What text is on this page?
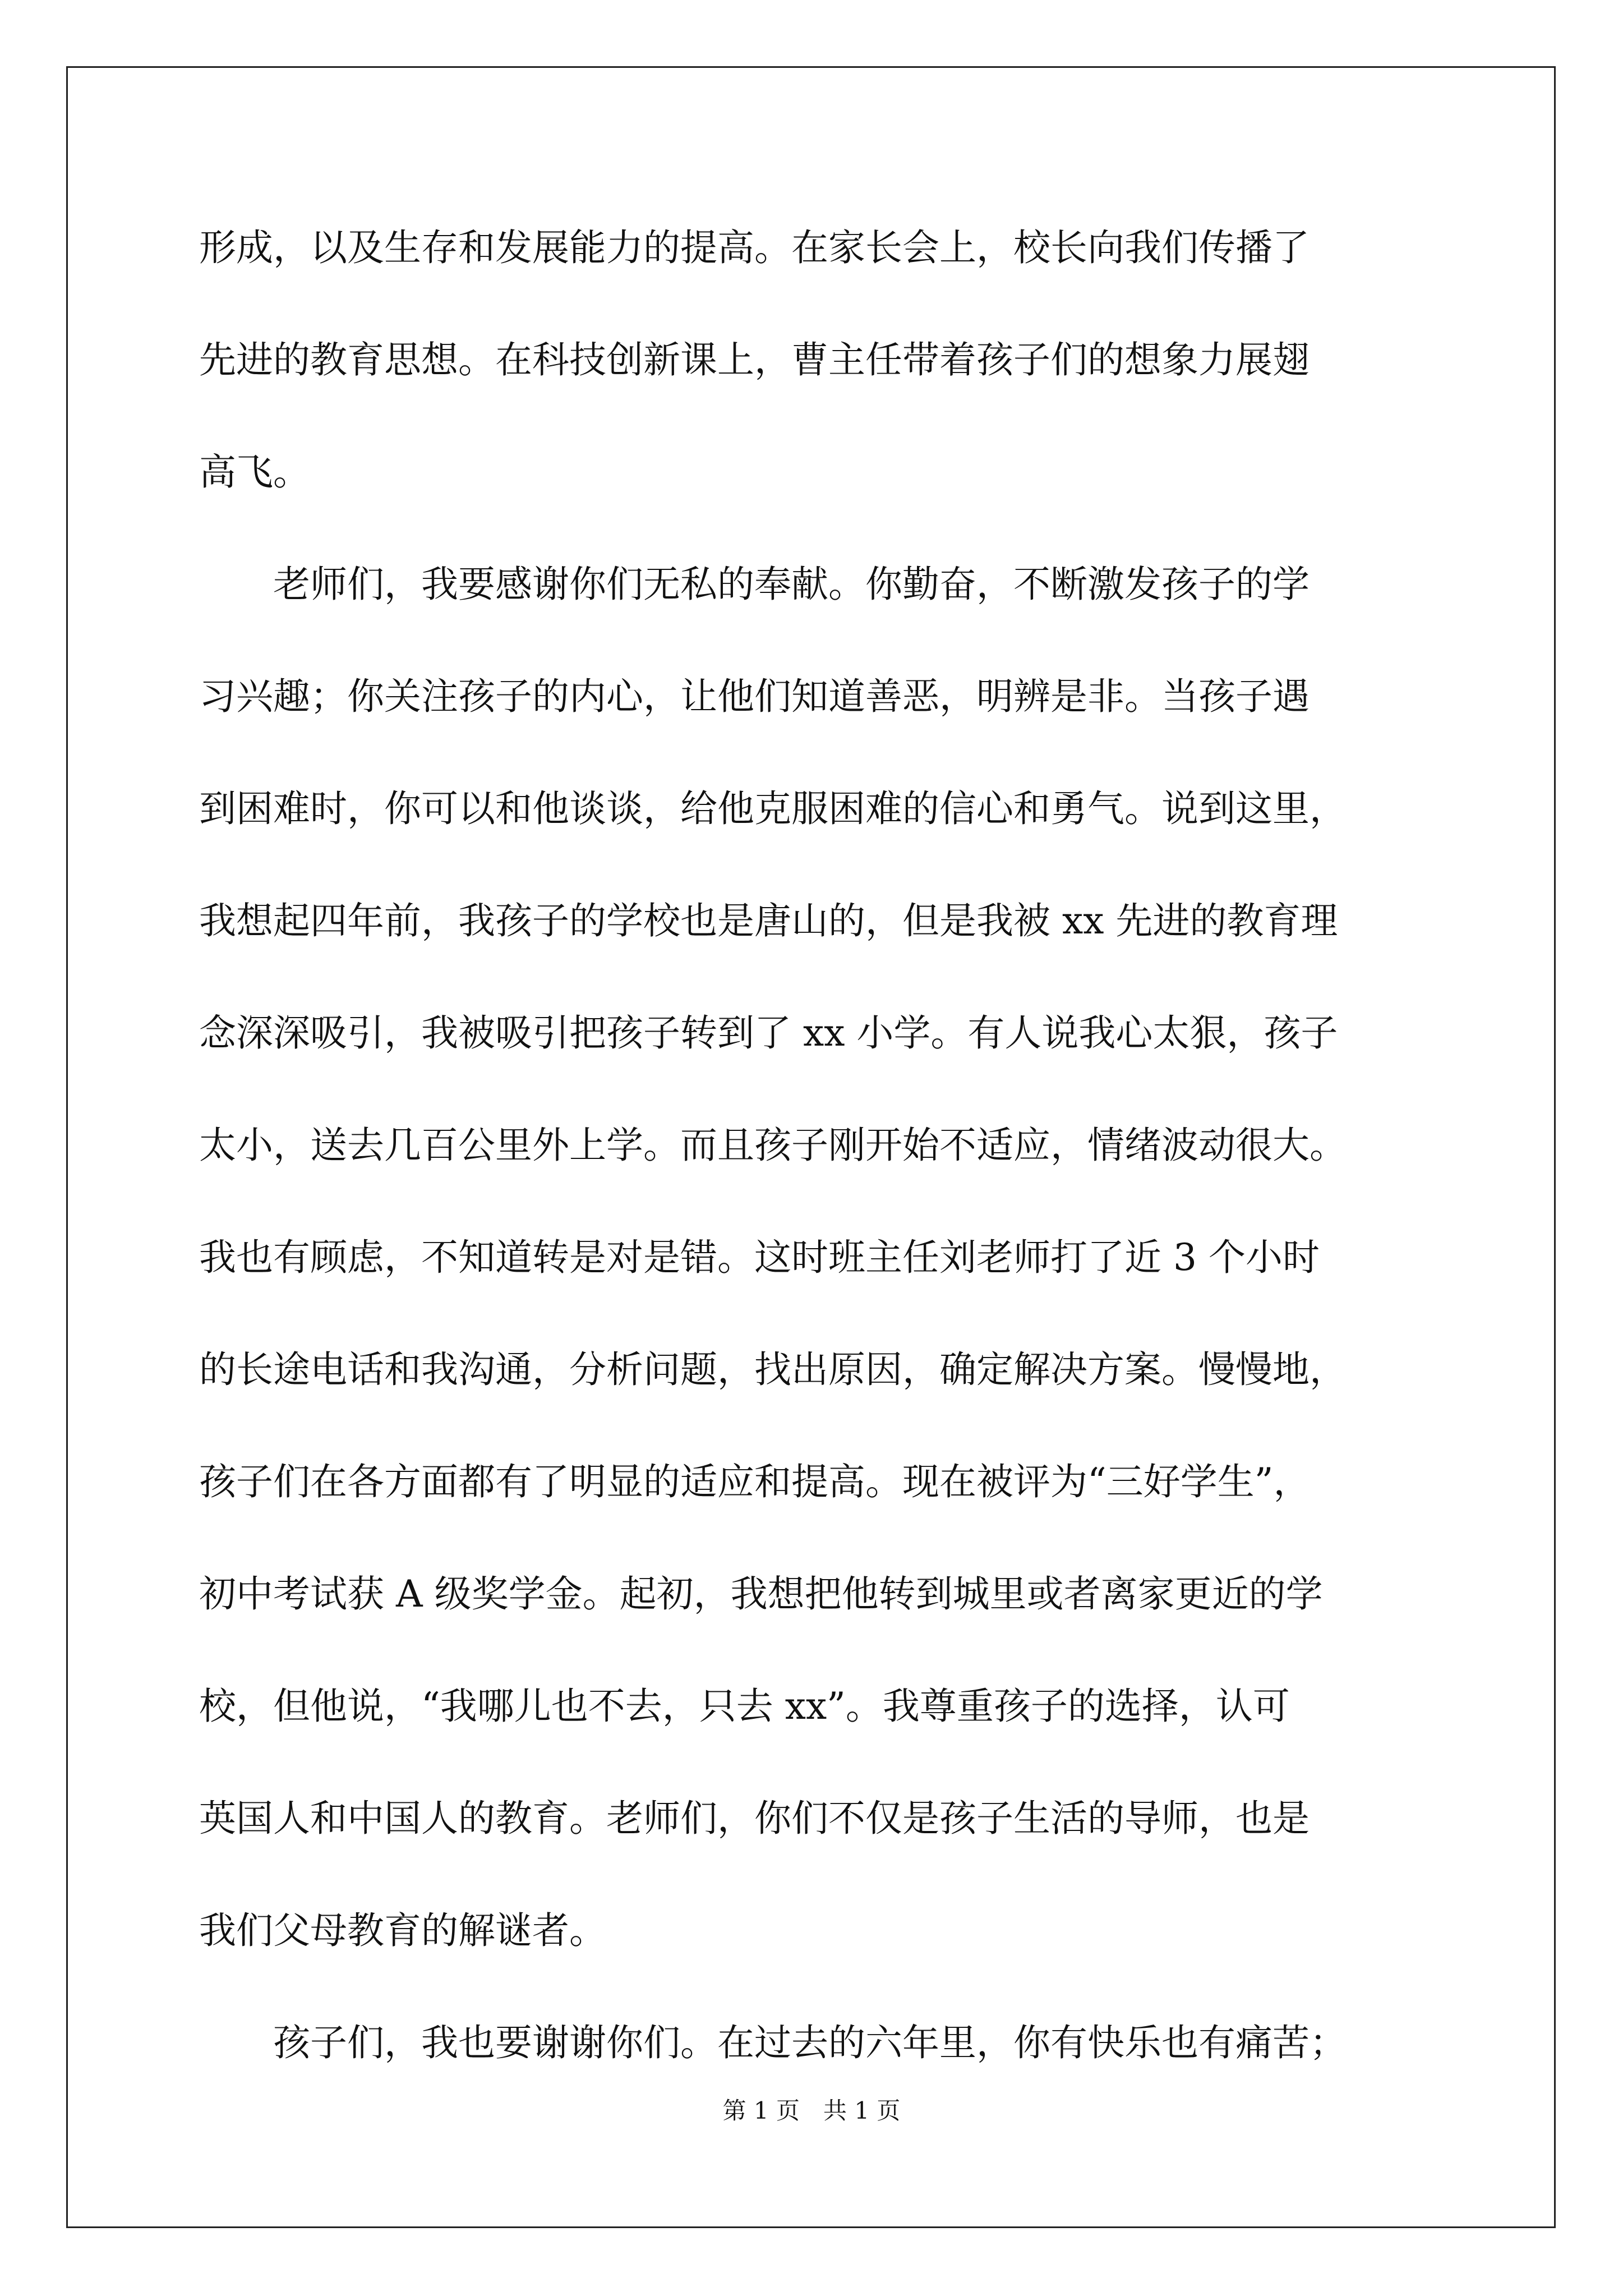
形成，以及生存和发展能力的提高。在家长会上，校长向我们传播了
先进的教育思想。在科技创新课上，曹主任带着孩子们的想象力展翅
高飞。
　　老师们，我要感谢你们无私的奉献。你勤奋，不断激发孩子的学
习兴趣；你关注孩子的内心，让他们知道善恶，明辨是非。当孩子遇
到困难时，你可以和他谈谈，给他克服困难的信心和勇气。说到这里，
我想起四年前，我孩子的学校也是唐山的，但是我被 xx 先进的教育理
念深深吸引，我被吸引把孩子转到了 xx 小学。有人说我心太狠，孩子
太小，送去几百公里外上学。而且孩子刚开始不适应，情绪波动很大。
我也有顾虑，不知道转是对是错。这时班主任刘老师打了近 3 个小时
的长途电话和我沟通，分析问题，找出原因，确定解决方案。慢慢地，
孩子们在各方面都有了明显的适应和提高。现在被评为“三好学生”，
初中考试获 A 级奖学金。起初，我想把他转到城里或者离家更近的学
校，但他说，“我哪儿也不去，只去 xx”。我尊重孩子的选择，认可
英国人和中国人的教育。老师们，你们不仅是孩子生活的导师，也是
我们父母教育的解谜者。
　　孩子们，我也要谢谢你们。在过去的六年里，你有快乐也有痛苦；
第 1 页　共 1 页
